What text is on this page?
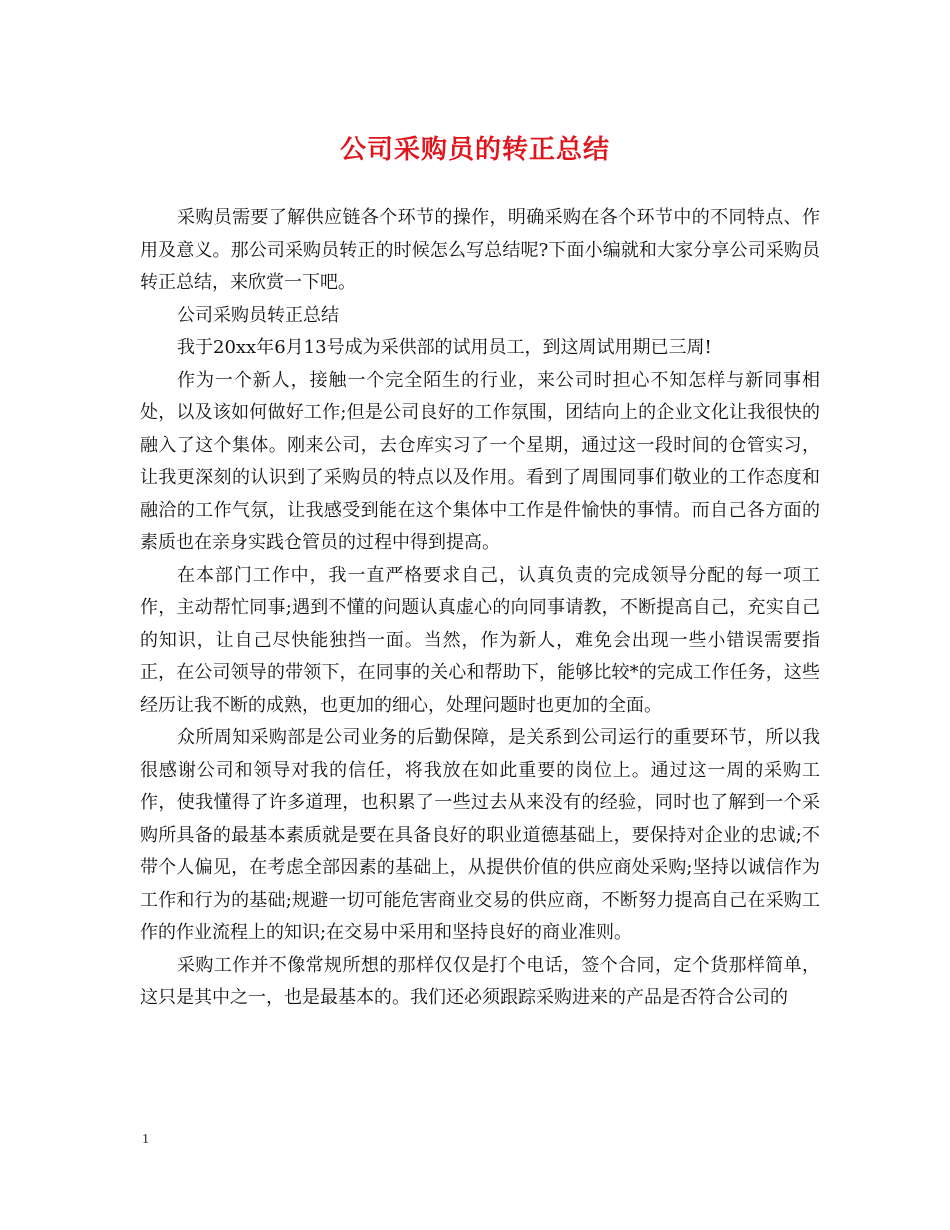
公司采购员的转正总结

采购员需要了解供应链各个环节的操作，明确采购在各个环节中的不同特点、作用及意义。那公司采购员转正的时候怎么写总结呢?下面小编就和大家分享公司采购员转正总结，来欣赏一下吧。

公司采购员转正总结

我于20xx年6月13号成为采供部的试用员工，到这周试用期已三周!

作为一个新人，接触一个完全陌生的行业，来公司时担心不知怎样与新同事相处，以及该如何做好工作;但是公司良好的工作氛围，团结向上的企业文化让我很快的融入了这个集体。刚来公司，去仓库实习了一个星期，通过这一段时间的仓管实习，让我更深刻的认识到了采购员的特点以及作用。看到了周围同事们敬业的工作态度和融洽的工作气氛，让我感受到能在这个集体中工作是件愉快的事情。而自己各方面的素质也在亲身实践仓管员的过程中得到提高。

在本部门工作中，我一直严格要求自己，认真负责的完成领导分配的每一项工作，主动帮忙同事;遇到不懂的问题认真虚心的向同事请教，不断提高自己，充实自己的知识，让自己尽快能独挡一面。当然，作为新人，难免会出现一些小错误需要指正，在公司领导的带领下，在同事的关心和帮助下，能够比较*的完成工作任务，这些经历让我不断的成熟，也更加的细心，处理问题时也更加的全面。

众所周知采购部是公司业务的后勤保障，是关系到公司运行的重要环节，所以我很感谢公司和领导对我的信任，将我放在如此重要的岗位上。通过这一周的采购工作，使我懂得了许多道理，也积累了一些过去从来没有的经验，同时也了解到一个采购所具备的最基本素质就是要在具备良好的职业道德基础上，要保持对企业的忠诚;不带个人偏见，在考虑全部因素的基础上，从提供价值的供应商处采购;坚持以诚信作为工作和行为的基础;规避一切可能危害商业交易的供应商，不断努力提高自己在采购工作的作业流程上的知识;在交易中采用和坚持良好的商业准则。

采购工作并不像常规所想的那样仅仅是打个电话，签个合同，定个货那样简单，这只是其中之一，也是最基本的。我们还必须跟踪采购进来的产品是否符合公司的

1
